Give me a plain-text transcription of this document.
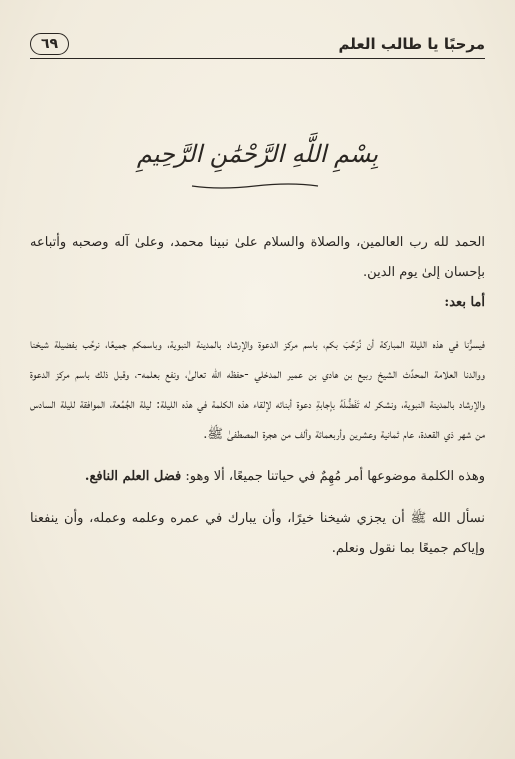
مرحبًا يا طالب العلم
٦٩
بِسْمِ اللَّهِ الرَّحْمَٰنِ الرَّحِيمِ

الحمد لله رب العالمين، والصلاة والسلام علىٰ نبينا محمد، وعلىٰ آله وصحبه وأتباعه بإحسان إلىٰ يوم الدين.

أما بعد:

فيسرُّنا في هذه الليلة المباركة أن نُرَحِّبَ بكم، باسم مركز الدعوة والإرشاد بالمدينة النبوية، وباسمكم جميعًا، نرحِّب بفضيلة شيخنا ووالدنا العلامة المحدِّث الشيخ ربيع بن هادي بن عمير المدخلي -حفظه الله تعالىٰ، ونفع بعلمه-، وقبل ذلك باسم مركز الدعوة والإرشاد بالمدينة النبوية، ونشكر له تَفَضُّلَهُ بإجابةِ دعوة أبنائه لإلقاء هذه الكلمة في هذه الليلة: ليلة الجُمُعة، الموافقة لليلة السادس من شهر ذي القعدة، عام ثمانية وعشرين وأربعمائة وألف من هجرة المصطفىٰ ﷺ.

وهذه الكلمة موضوعها أمر مُهِمٌ في حياتنا جميعًا، ألا وهو: فضل العلم النافع.

نسأل الله ﷺ أن يجزي شيخنا خيرًا، وأن يبارك في عمره وعلمه وعمله، وأن ينفعنا وإياكم جميعًا بما نقول ونعلم.
